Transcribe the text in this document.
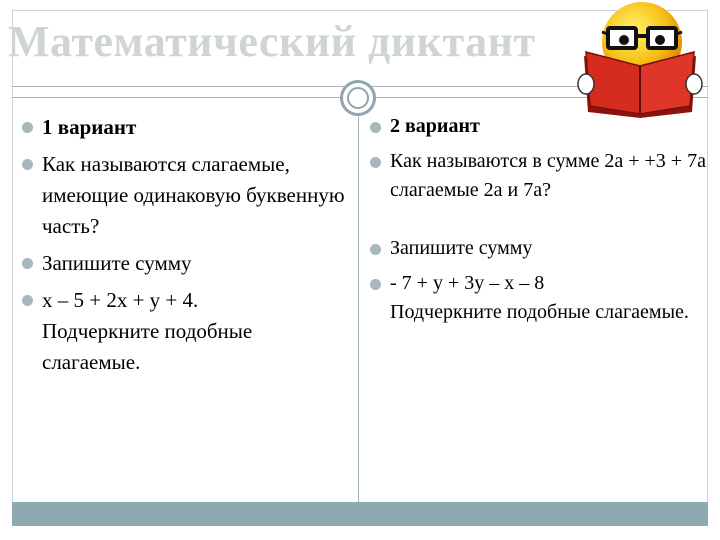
Математический диктант
1 вариант
Как называются слагаемые, имеющие одинаковую буквенную часть?
Запишите сумму
x – 5 + 2x + y + 4.
Подчеркните подобные слагаемые.
2 вариант
Как называются в сумме 2a + +3 + 7a слагаемые 2a и 7a?
Запишите сумму
- 7 + y + 3y – x – 8
Подчеркните подобные слагаемые.
